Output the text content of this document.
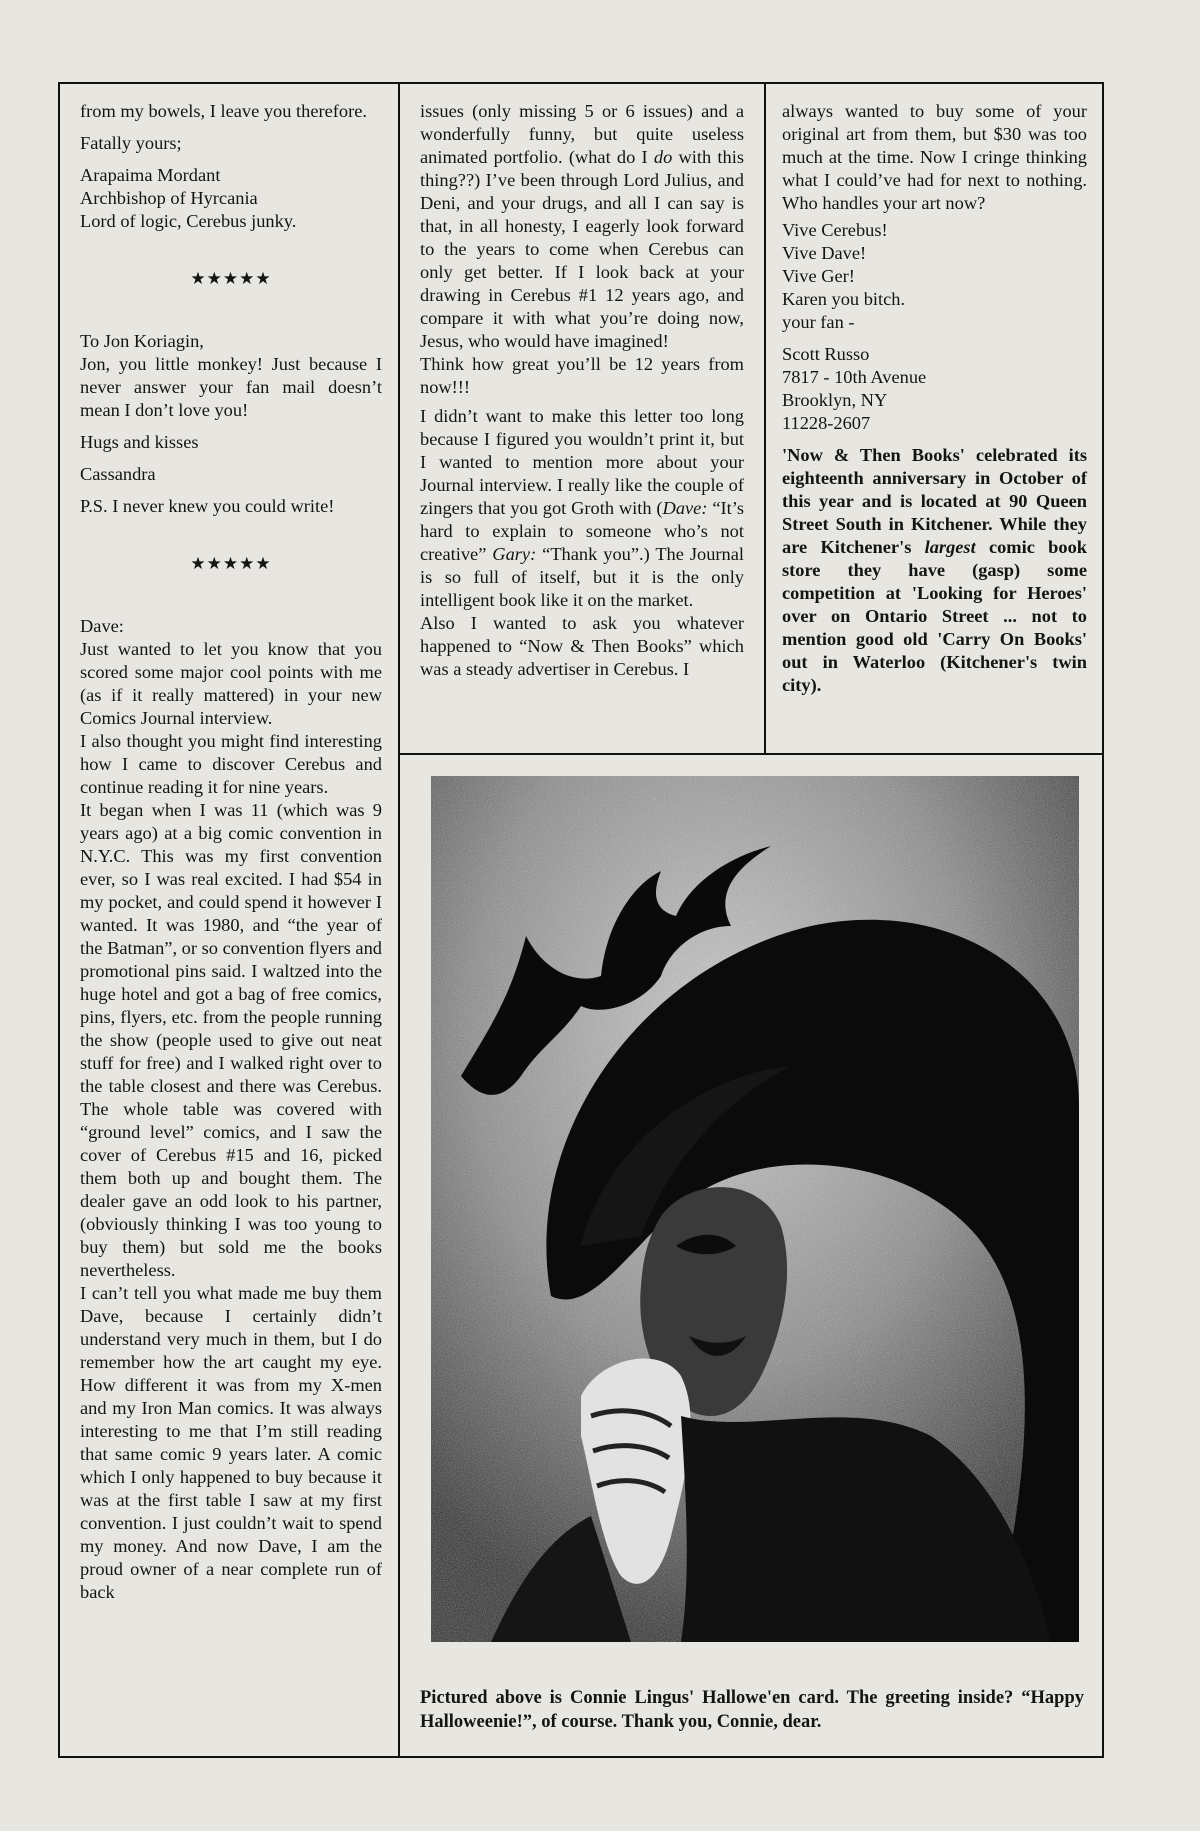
from my bowels, I leave you therefore.

Fatally yours;

Arapaima Mordant

Archbishop of Hyrcania

Lord of logic, Cerebus junky.

★★★★★

To Jon Koriagin,

Jon, you little monkey! Just because I never answer your fan mail doesn’t mean I don’t love you!

Hugs and kisses

Cassandra

P.S. I never knew you could write!

★★★★★

Dave:

Just wanted to let you know that you scored some major cool points with me (as if it really mattered) in your new Comics Journal interview.

I also thought you might find interesting how I came to discover Cerebus and continue reading it for nine years.

It began when I was 11 (which was 9 years ago) at a big comic convention in N.Y.C. This was my first convention ever, so I was real excited. I had $54 in my pocket, and could spend it however I wanted. It was 1980, and “the year of the Batman”, or so convention flyers and promotional pins said. I waltzed into the huge hotel and got a bag of free comics, pins, flyers, etc. from the people running the show (people used to give out neat stuff for free) and I walked right over to the table closest and there was Cerebus. The whole table was covered with “ground level” comics, and I saw the cover of Cerebus #15 and 16, picked them both up and bought them. The dealer gave an odd look to his partner, (obviously thinking I was too young to buy them) but sold me the books nevertheless.

I can’t tell you what made me buy them Dave, because I certainly didn’t understand very much in them, but I do remember how the art caught my eye. How different it was from my X-men and my Iron Man comics. It was always interesting to me that I’m still reading that same comic 9 years later. A comic which I only happened to buy because it was at the first table I saw at my first convention. I just couldn’t wait to spend my money. And now Dave, I am the proud owner of a near complete run of back

issues (only missing 5 or 6 issues) and a wonderfully funny, but quite useless animated portfolio. (what do I do with this thing??) I’ve been through Lord Julius, and Deni, and your drugs, and all I can say is that, in all honesty, I eagerly look forward to the years to come when Cerebus can only get better. If I look back at your drawing in Cerebus #1 12 years ago, and compare it with what you’re doing now, Jesus, who would have imagined!

Think how great you’ll be 12 years from now!!!

I didn’t want to make this letter too long because I figured you wouldn’t print it, but I wanted to mention more about your Journal interview. I really like the couple of zingers that you got Groth with (Dave: “It’s hard to explain to someone who’s not creative” Gary: “Thank you”.) The Journal is so full of itself, but it is the only intelligent book like it on the market.

Also I wanted to ask you whatever happened to “Now & Then Books” which was a steady advertiser in Cerebus. I

always wanted to buy some of your original art from them, but $30 was too much at the time. Now I cringe thinking what I could’ve had for next to nothing. Who handles your art now?

Vive Cerebus!

Vive Dave!

Vive Ger!

Karen you bitch.

your fan -

Scott Russo

7817 - 10th Avenue

Brooklyn, NY

11228-2607

'Now & Then Books' celebrated its eighteenth anniversary in October of this year and is located at 90 Queen Street South in Kitchener. While they are Kitchener's largest comic book store they have (gasp) some competition at 'Looking for Heroes' over on Ontario Street ... not to mention good old 'Carry On Books' out in Waterloo (Kitchener's twin city).

Pictured above is Connie Lingus' Hallowe'en card. The greeting inside? “Happy Halloweenie!”, of course. Thank you, Connie, dear.
